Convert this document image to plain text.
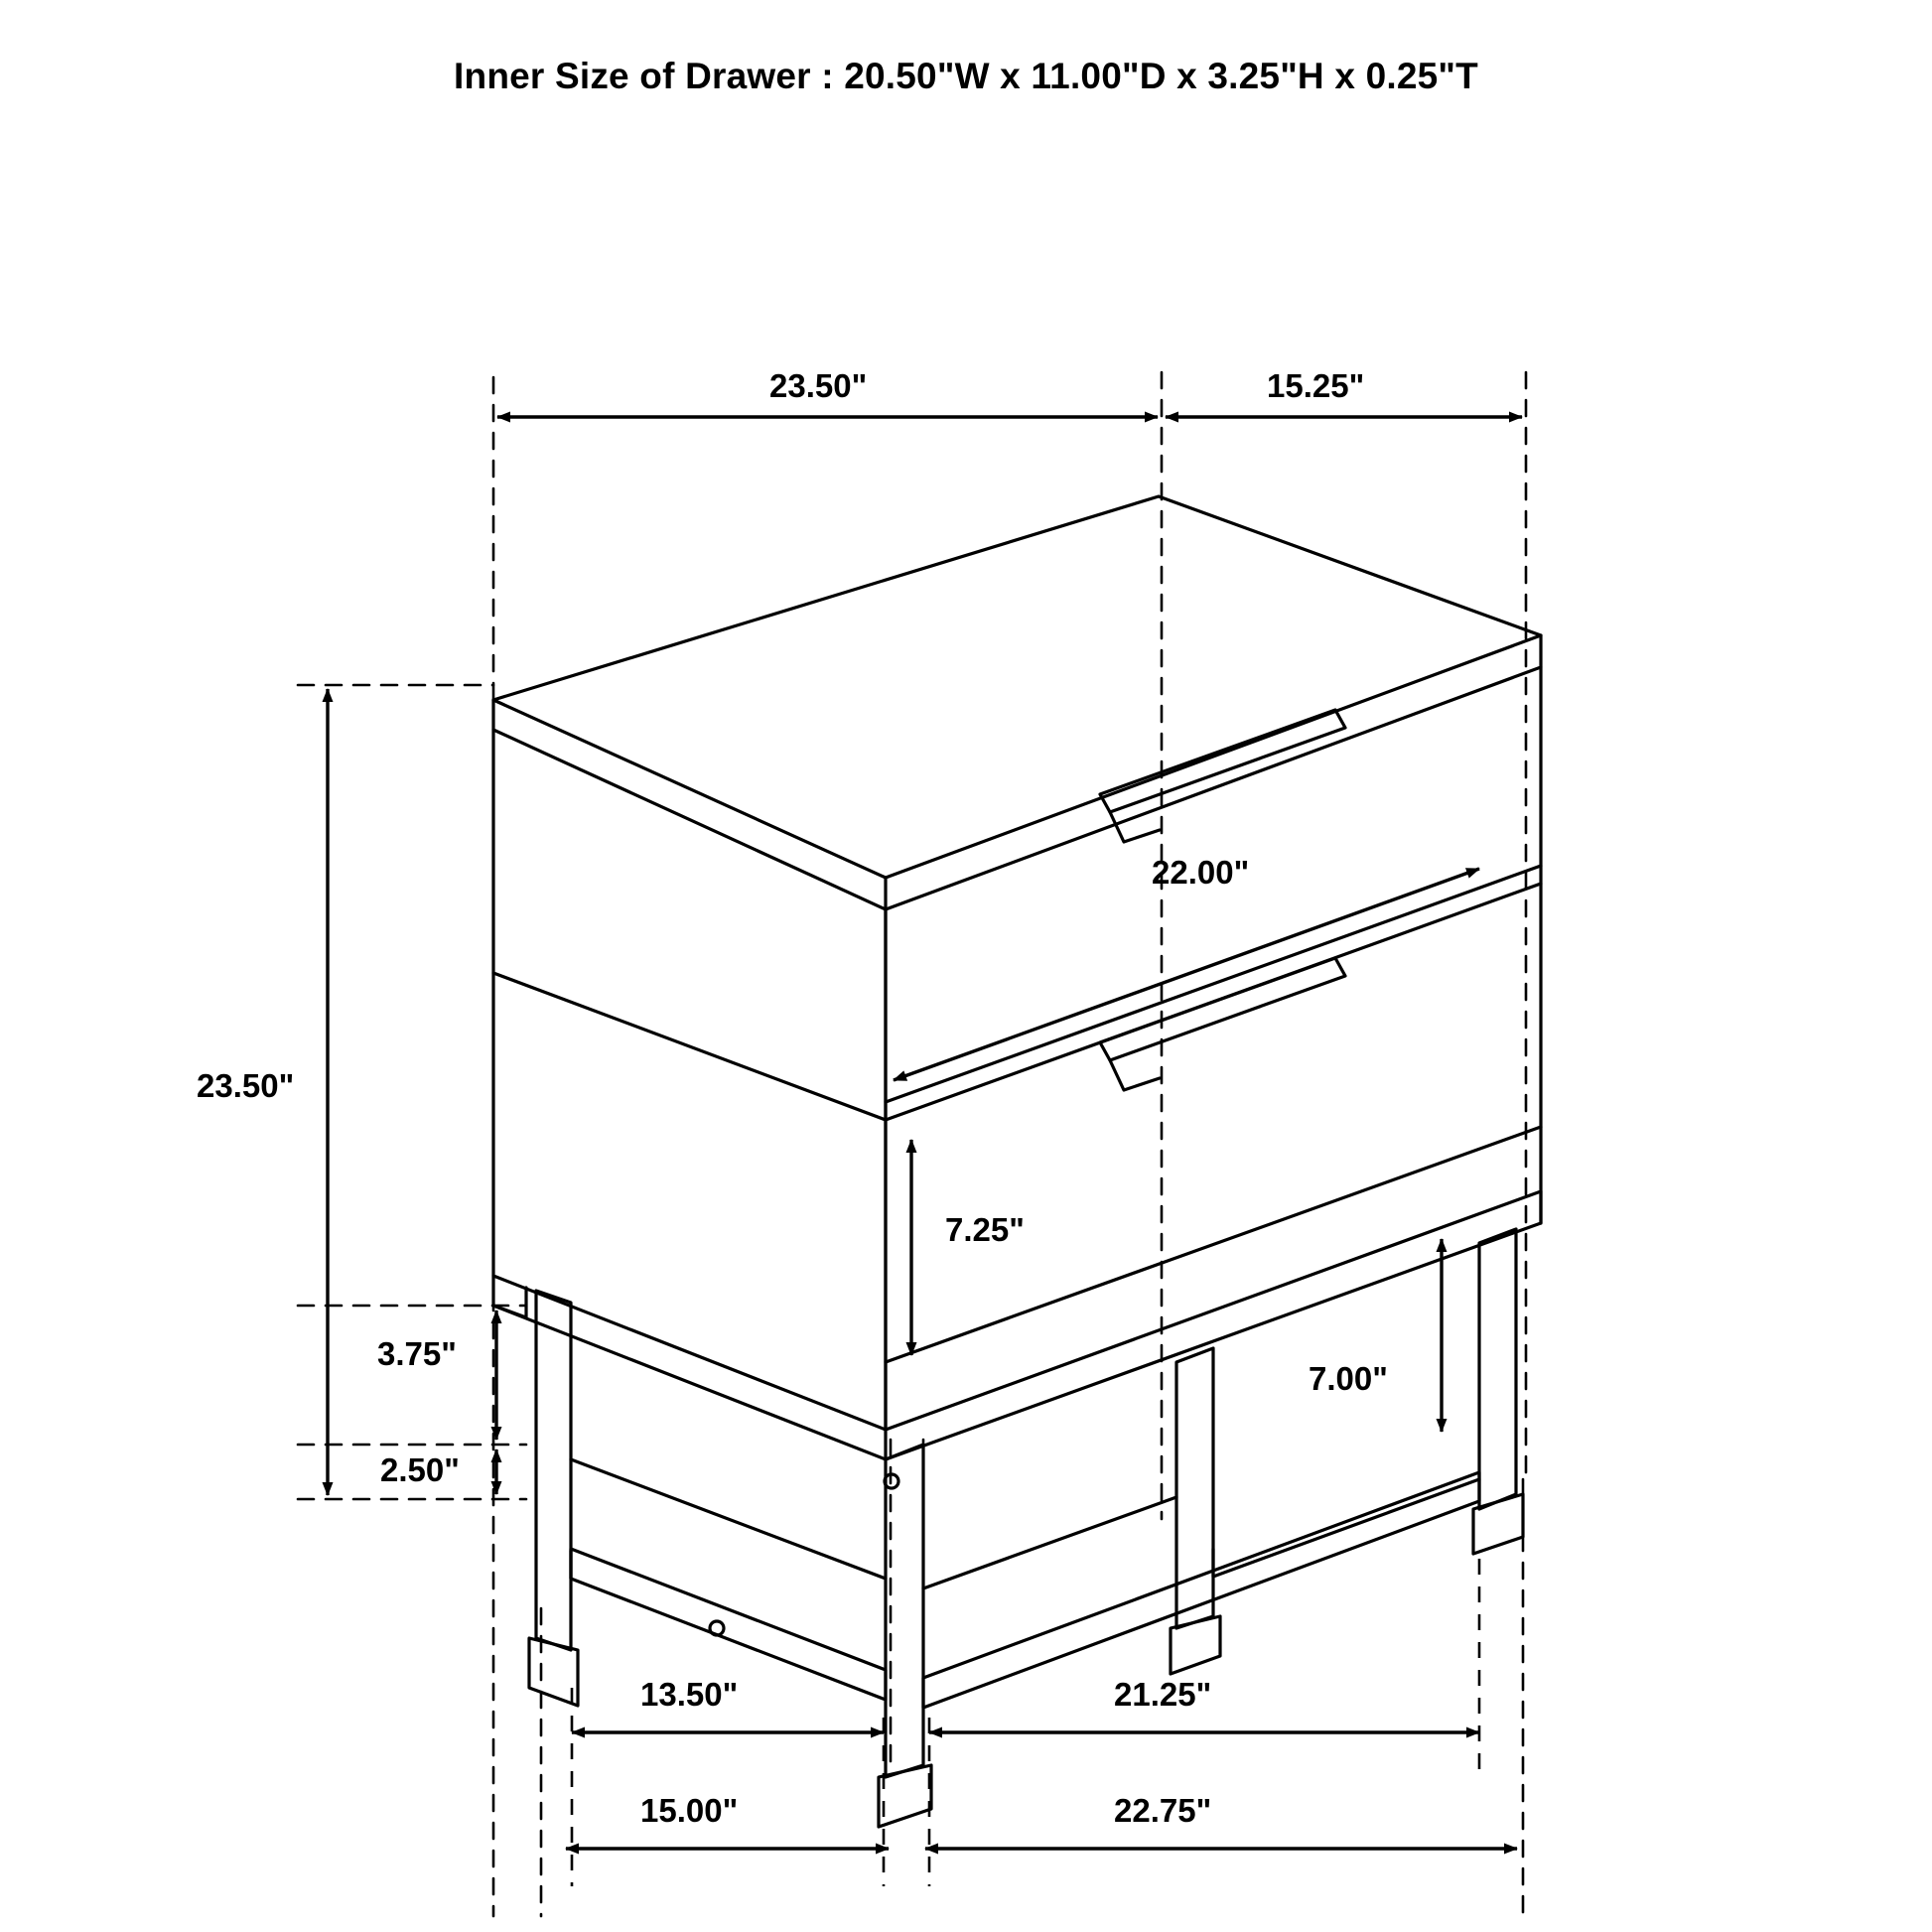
Inner Size of Drawer : 20.50"W x 11.00"D x 3.25"H x 0.25"T
23.50"	15.25"
23.50"
22.00"
7.25"
3.75"
2.50"
7.00"
13.50"	21.25"
15.00"	22.75"
